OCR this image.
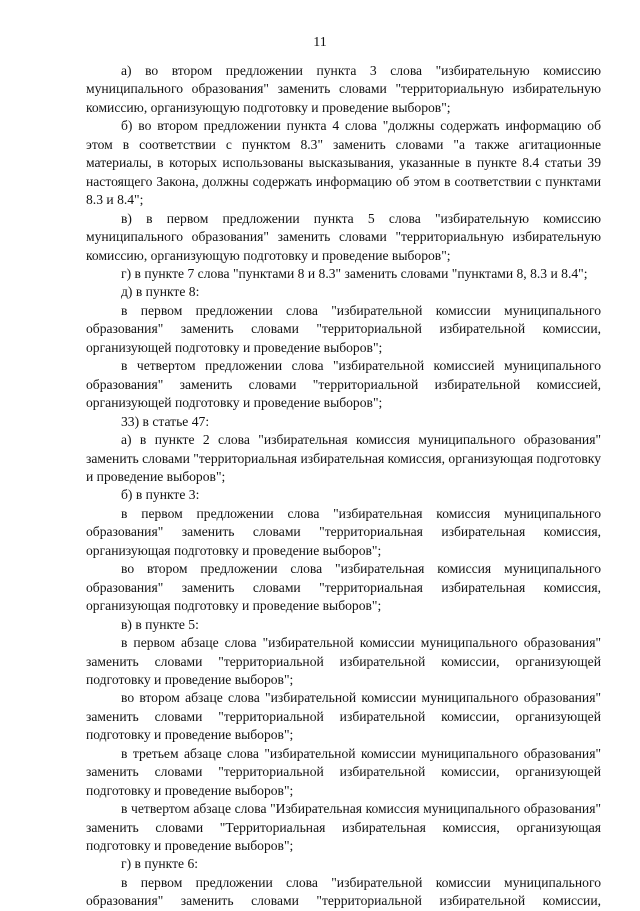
11

а) во втором предложении пункта 3 слова "избирательную комиссию муниципального образования" заменить словами "территориальную избирательную комиссию, организующую подготовку и проведение выборов";

б) во втором предложении пункта 4 слова "должны содержать информацию об этом в соответствии с пунктом 8.3" заменить словами "а также агитационные материалы, в которых использованы высказывания, указанные в пункте 8.4 статьи 39 настоящего Закона, должны содержать информацию об этом в соответствии с пунктами 8.3 и 8.4";

в) в первом предложении пункта 5 слова "избирательную комиссию муниципального образования" заменить словами "территориальную избирательную комиссию, организующую подготовку и проведение выборов";

г) в пункте 7 слова "пунктами 8 и 8.3" заменить словами "пунктами 8, 8.3 и 8.4";

д) в пункте 8:

в первом предложении слова "избирательной комиссии муниципального образования" заменить словами "территориальной избирательной комиссии, организующей подготовку и проведение выборов";

в четвертом предложении слова "избирательной комиссией муниципального образования" заменить словами "территориальной избирательной комиссией, организующей подготовку и проведение выборов";

33) в статье 47:

а) в пункте 2 слова "избирательная комиссия муниципального образования" заменить словами "территориальная избирательная комиссия, организующая подготовку и проведение выборов";

б) в пункте 3:

в первом предложении слова "избирательная комиссия муниципального образования" заменить словами "территориальная избирательная комиссия, организующая подготовку и проведение выборов";

во втором предложении слова "избирательная комиссия муниципального образования" заменить словами "территориальная избирательная комиссия, организующая подготовку и проведение выборов";

в) в пункте 5:

в первом абзаце слова "избирательной комиссии муниципального образования" заменить словами "территориальной избирательной комиссии, организующей подготовку и проведение выборов";

во втором абзаце слова "избирательной комиссии муниципального образования" заменить словами "территориальной избирательной комиссии, организующей подготовку и проведение выборов";

в третьем абзаце слова "избирательной комиссии муниципального образования" заменить словами "территориальной избирательной комиссии, организующей подготовку и проведение выборов";

в четвертом абзаце слова "Избирательная комиссия муниципального образования" заменить словами "Территориальная избирательная комиссия, организующая подготовку и проведение выборов";

г) в пункте 6:

в первом предложении слова "избирательной комиссии муниципального образования" заменить словами "территориальной избирательной комиссии,
